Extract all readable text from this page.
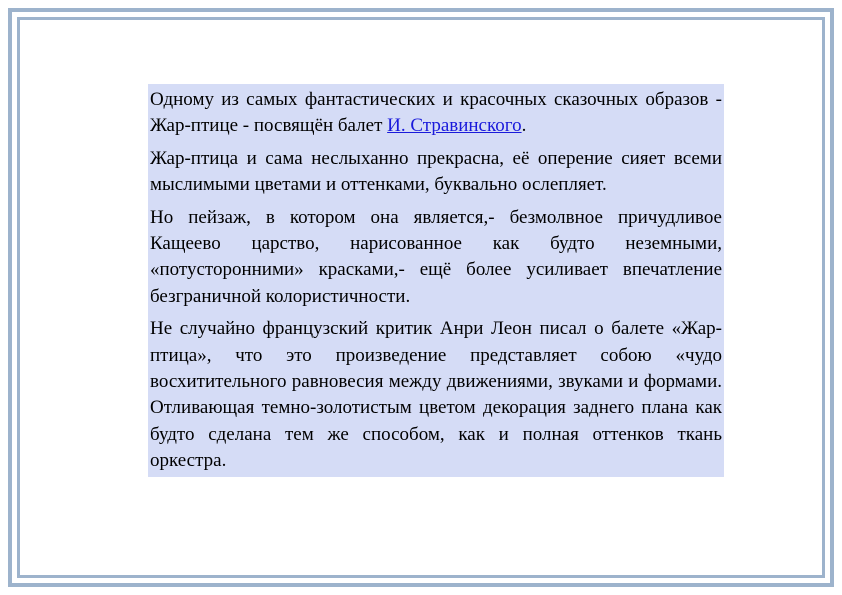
Одному из самых фантастических и красочных сказочных образов - Жар-птице - посвящён балет И. Стравинского.

Жар-птица и сама неслыханно прекрасна, её оперение сияет всеми мыслимыми цветами и оттенками, буквально ослепляет.

Но пейзаж, в котором она является,- безмолвное причудливое Кащеево царство, нарисованное как будто неземными, «потусторонними» красками,- ещё более усиливает впечатление безграничной колористичности.

Не случайно французский критик Анри Леон писал о балете «Жар-птица», что это произведение представляет собою «чудо восхитительного равновесия между движениями, звуками и формами. Отливающая темно-золотистым цветом декорация заднего плана как будто сделана тем же способом, как и полная оттенков ткань оркестра.
